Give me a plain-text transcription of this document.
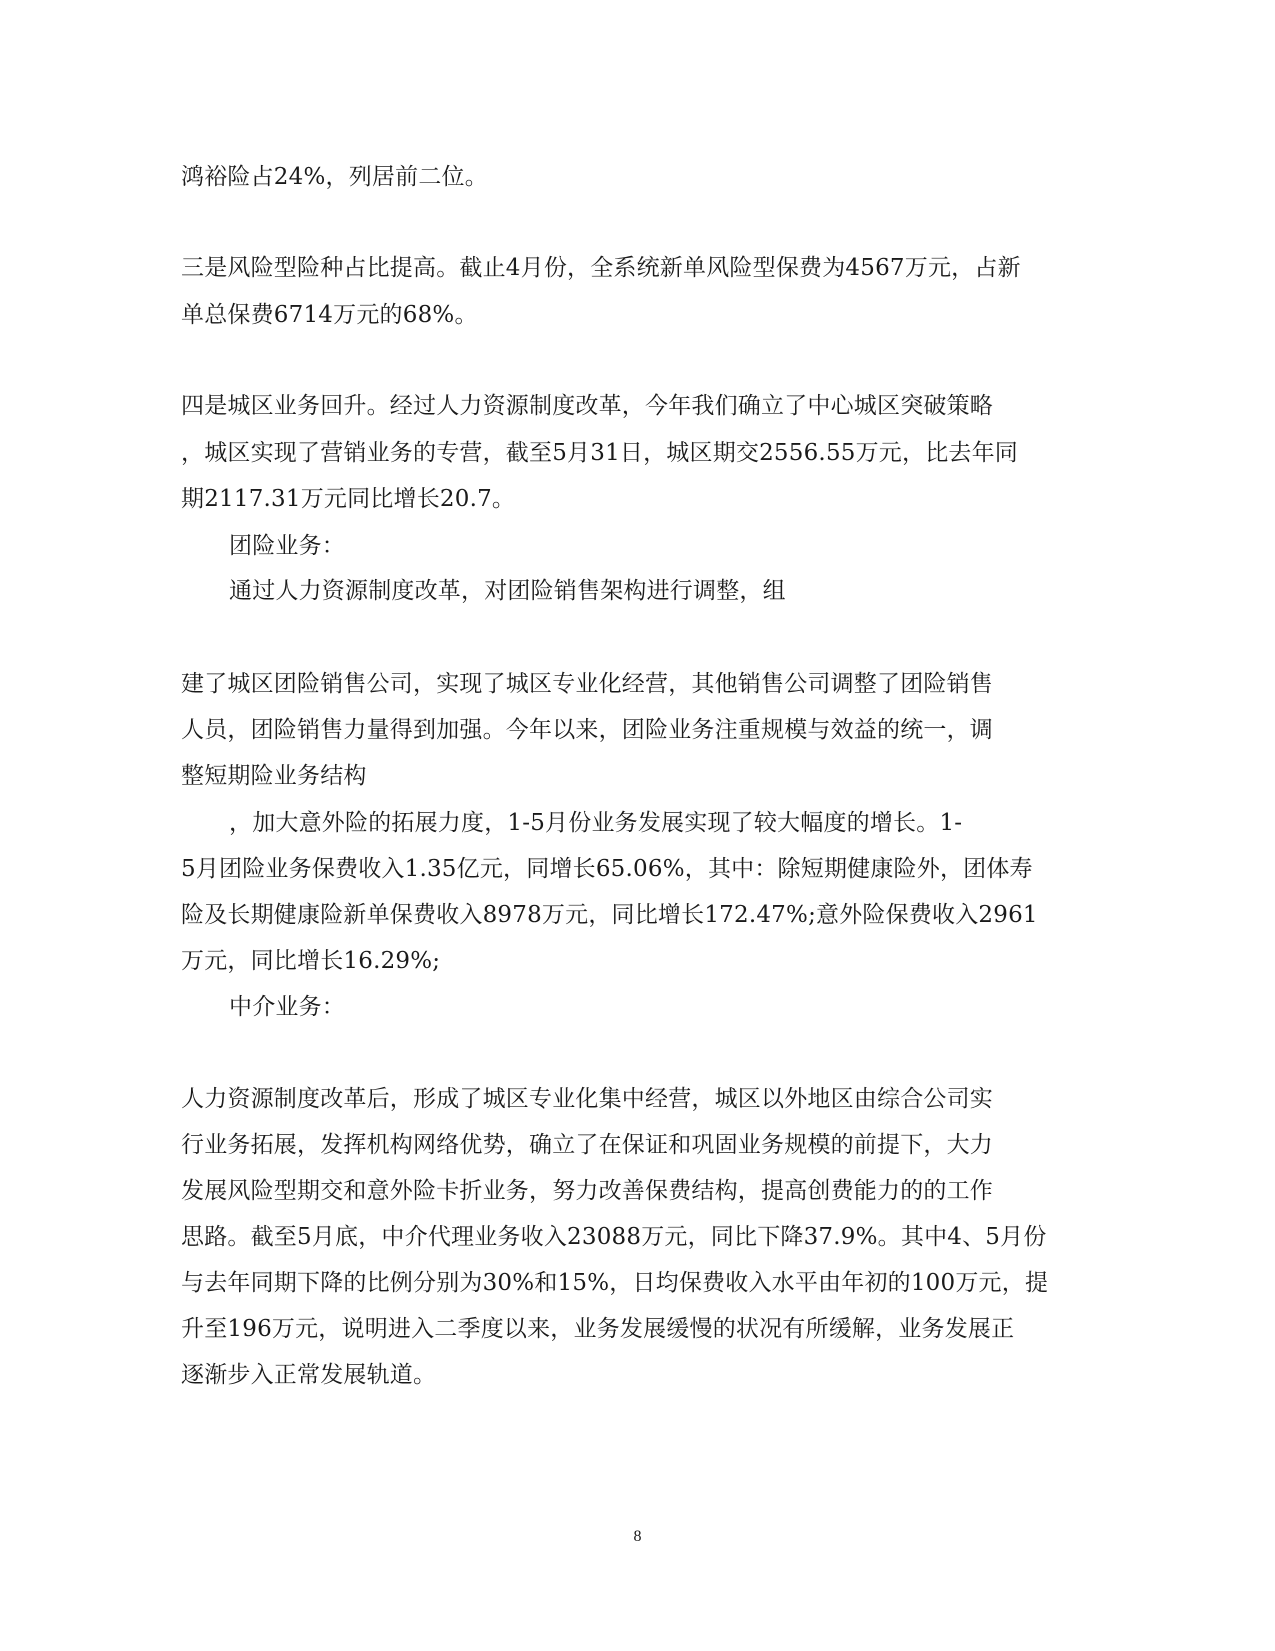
鸿裕险占24%，列居前二位。
三是风险型险种占比提高。截止4月份，全系统新单风险型保费为4567万元，占新
单总保费6714万元的68%。
四是城区业务回升。经过人力资源制度改革，今年我们确立了中心城区突破策略
，城区实现了营销业务的专营，截至5月31日，城区期交2556.55万元，比去年同
期2117.31万元同比增长20.7。
团险业务：
通过人力资源制度改革，对团险销售架构进行调整，组
建了城区团险销售公司，实现了城区专业化经营，其他销售公司调整了团险销售
人员，团险销售力量得到加强。今年以来，团险业务注重规模与效益的统一，调
整短期险业务结构
，加大意外险的拓展力度，1-5月份业务发展实现了较大幅度的增长。1-
5月团险业务保费收入1.35亿元，同增长65.06%，其中：除短期健康险外，团体寿
险及长期健康险新单保费收入8978万元，同比增长172.47%;意外险保费收入2961
万元，同比增长16.29%;
中介业务：
人力资源制度改革后，形成了城区专业化集中经营，城区以外地区由综合公司实
行业务拓展，发挥机构网络优势，确立了在保证和巩固业务规模的前提下，大力
发展风险型期交和意外险卡折业务，努力改善保费结构，提高创费能力的的工作
思路。截至5月底，中介代理业务收入23088万元，同比下降37.9%。其中4、5月份
与去年同期下降的比例分别为30%和15%，日均保费收入水平由年初的100万元，提
升至196万元，说明进入二季度以来，业务发展缓慢的状况有所缓解，业务发展正
逐渐步入正常发展轨道。
8
